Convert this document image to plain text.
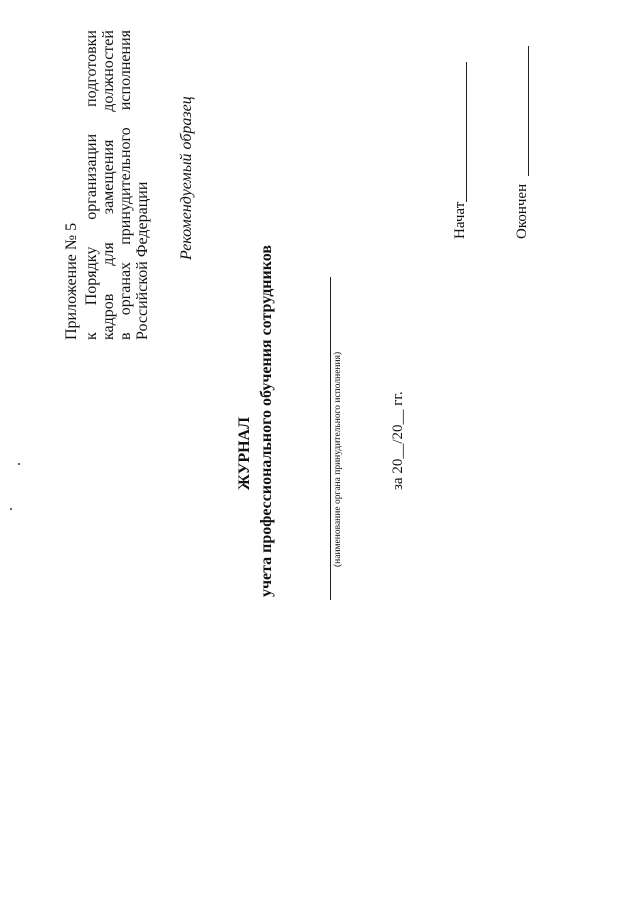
Приложение № 5 к
Порядку
организации
подготовки
кадров
для
замещения
должностей
в
органах
принудительного
исполнения
Российской Федерации
Рекомендуемый образец
ЖУРНАЛ учета профессионального обучения сотрудников	(наименование органа принудительного исполнения)	за 20__/20__ гг.
Начат	Окончен
